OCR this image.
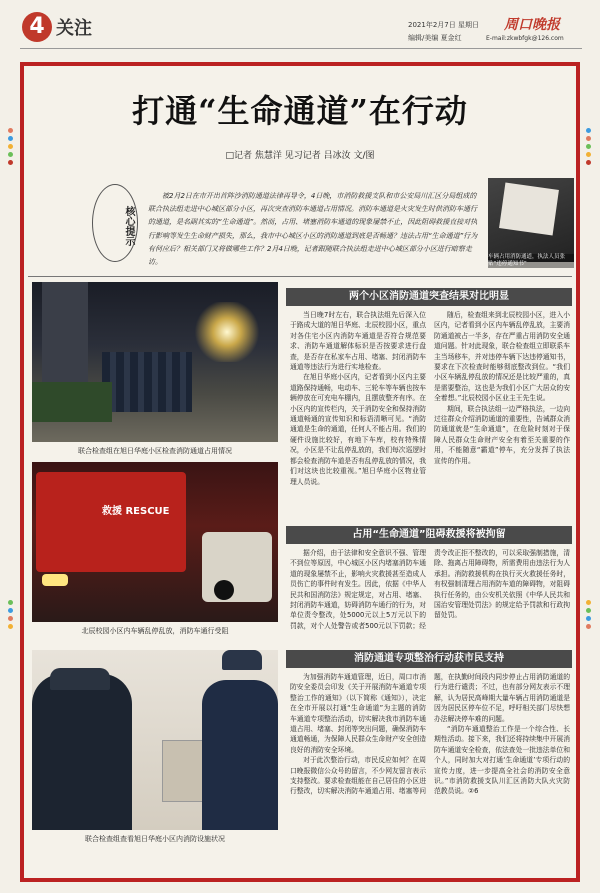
4 关注	2021年2月7日 星期日
编辑/美编 夏金红
周口晚报
E-mail:zkwbfgk@126.com
打通“生命通道”在行动
□记者 焦慧洋 见习记者 吕冰汝 文/图
核心提示
被2月2日在市开出首阵沙消防通道法律再导令，4日晚，市消防救援支队和市公安局川汇区分局组成的联合执法组走进中心城区部分小区，再次突查消防车通道占用情况。消防车通道是火灾发生时供消防车通行的通道，是名副其实的“生命通道”。然而，占用、堵塞消防车通道的现象屡禁不止，因此阻碍救援直接对执行影响等发生生命财产损失，那么，我市中心城区小区的消防通道到底是否畅通？违法占用“生命通道”行为有何应后？相关部门又将做哪些工作？2月4日晚，记者跟随联合执法组走进中心城区部分小区进行暗察走访。
车辆占用消防通道，执法人员张贴“违停通知书”
联合检查组在旭日华庭小区检查消防通道占用情况
救援 RESCUE
北辰校园小区内车辆乱停乱放，消防车通行受阻
联合检查组查看旭日华庭小区内消防设施状况
两个小区消防通道突查结果对比明显

当日晚7时左右，联合执法组先后深入位于路成大道的旭日华庭、北辰校园小区，重点对各住宅小区内消防车通道是否符合规范要求、消防车通道解体标识是否按要求进行盘查，是否存在私家车占用、堵塞、封闭消防车通道等违法行为进行实地检查。

在旭日华庭小区内，记者看到小区内主要道路保持通畅，电动车、三轮车等车辆也按车辆停放在可充电车棚内，且摆放整齐有序。在小区内的宣传栏内，关于消防安全和保持消防通道畅通的宣传知识和标语清晰可见。“消防通道是生命的通道，任何人不能占用。我们的硬件设施比较好，有地下车库，校有特殊情况，小区是不让乱停乱放的，我们每次巡逻时都会检查消防车道是否有乱停乱放的情况，我们对这块也比较重视。”旭日华庭小区物业管理人员说。

随后，检查组来到北辰校园小区，进入小区内，记者看到小区内车辆乱停乱放，主要消防通道被占一半多，存在严重占用消防安全通道问题。针对此现象，联合检查组立即联系车主当场移车，并对违停车辆下达违停通知书，要求在下次检查时能够彻底整改到位。“我们小区车辆乱停乱放的情况还是比较严重的，真是需要整治，这也是为我们小区广大居众的安全着想。”北辰校园小区业主王先生说。

期间，联合执法组一边严格执法，一边向过往群众介绍消防通道的重要性，告诫群众消防通道就是“生命通道”，在危险时刻对于保障人民群众生命财产安全有着至关重要的作用，不能随意“霸道”停车，充分发挥了执法宣传的作用。

占用“生命通道”阻碍救援将被拘留

据介绍，由于法律和安全意识不强、管理不到位等原因，中心城区小区内堵塞消防车通道的现象屡禁不止，影响火灾救援甚至造成人员伤亡的事件时有发生。因此，依据《中华人民共和国消防法》规定规定，对占用、堵塞、封闭消防车通道，妨碍消防车通行的行为，对单位责令整改，处5000元以上5万元以下的罚款，对个人处警告或者500元以下罚款；经责令改正拒不整改的，可以采取强制措施，清除、拖离占用障碍物，所需费用由违法行为人承担。消防救援机构在执行灭火救援任务时，有权强制清理占用消防车道的障碍物，对阻碍执行任务的，由公安机关依照《中华人民共和国治安管理处罚法》的规定给予罚款和行政拘留处罚。

消防通道专项整治行动获市民支持

为加强消防车通道管理，近日，周口市消防安全委员会印发《关于开展消防车通道专项整治工作的通知》（以下简称《通知》），决定在全市开展以打通“生命通道”为主题的消防车通道专项整治活动，切实解决我市消防车通道占用、堵塞、封闭等突出问题，确保消防车通道畅通，为保障人民群众生命财产安全创造良好的消防安全环境。

对于此次整治行动，市民反应如何？在周口晚报微信公众号的留言，不少网友留言表示支持整改。要求检查组能在自己居住的小区进行整改，切实解决消防车通道占用、堵塞等问题，在执勤时间段内同步停止占用消防通道的行为进行谴责；不过，也有部分网友表示不理解，认为居民高峰期大量车辆占用消防通道是因为居民区停车位不足，呼吁相关部门尽快想办法解决停车难的问题。

“消防车通道整治工作是一个综合性、长期性活动。接下来，我们还将持续集中开展消防车通道安全检查，依法查处一批违法单位和个人，同时加大对打通‘生命通道’专项行动的宣传力度，进一步提高全社会的消防安全意识。”市消防救援支队川汇区消防大队火灾防范教员说。②6
